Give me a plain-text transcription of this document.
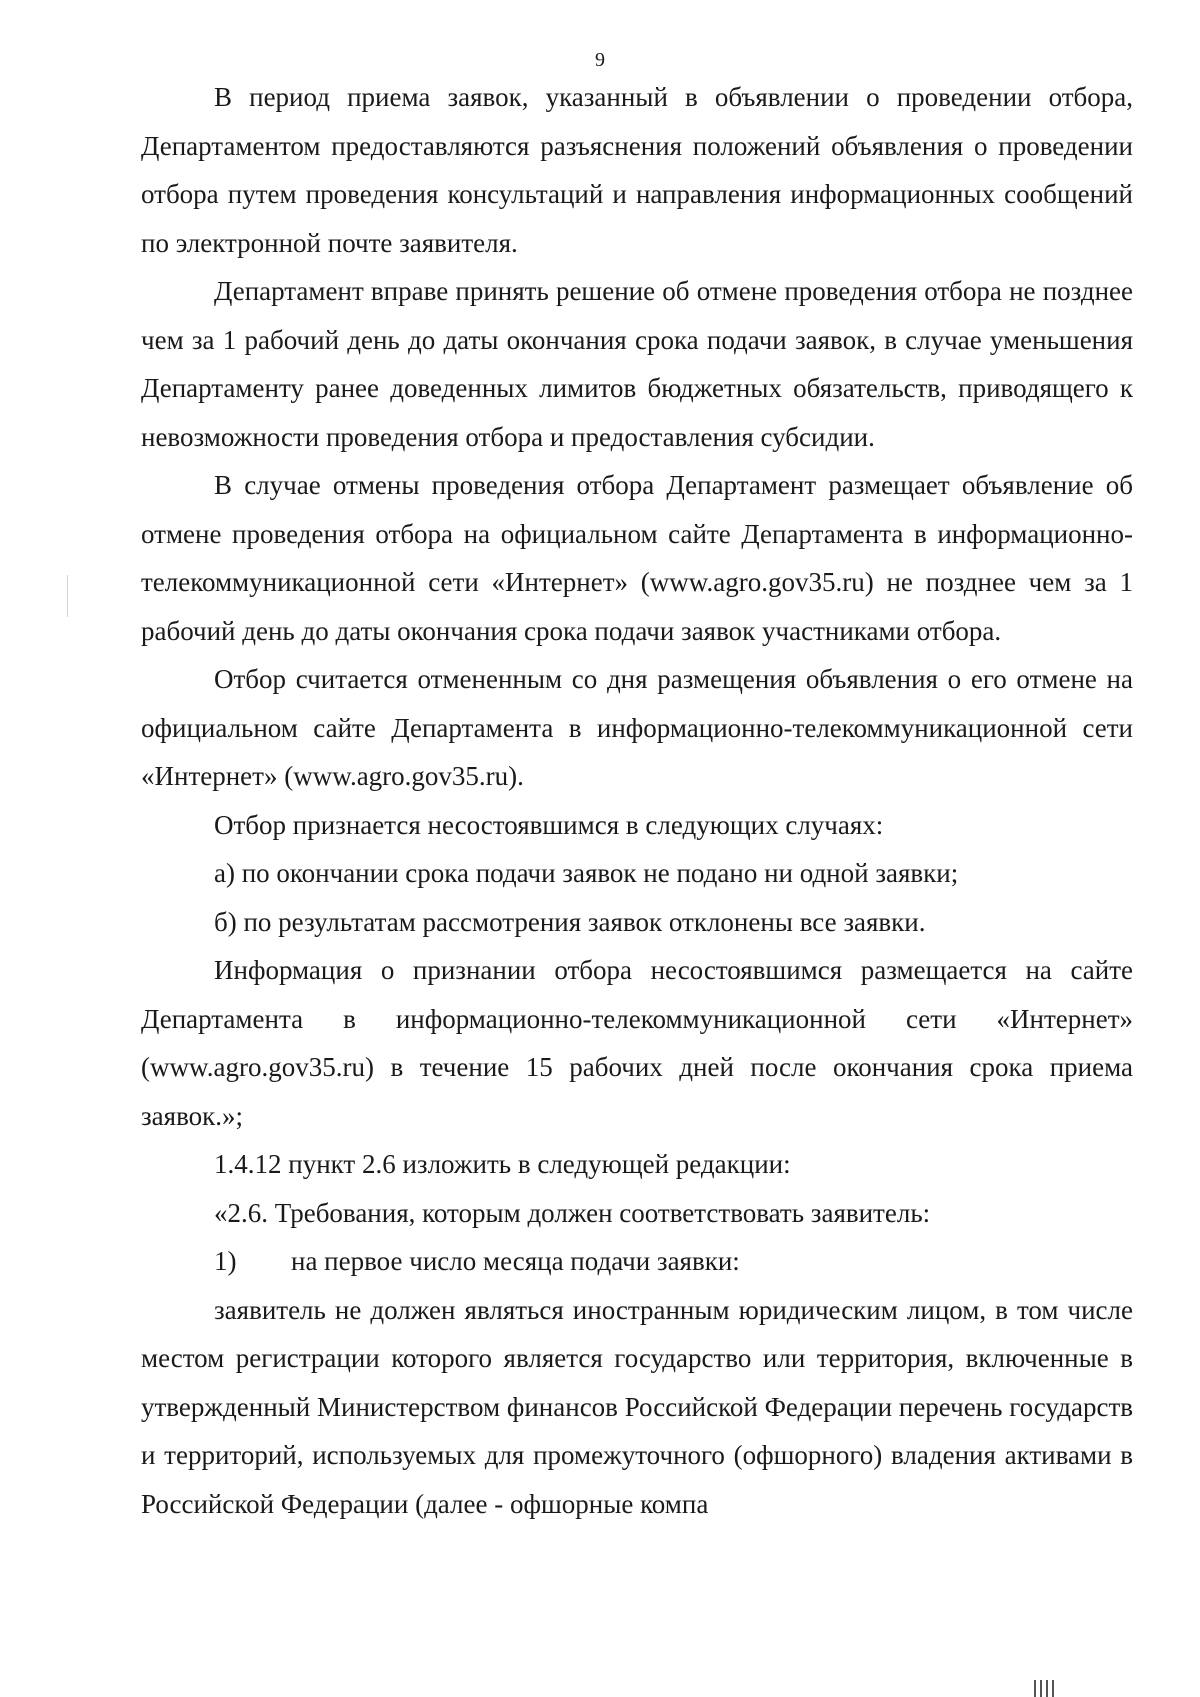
9

В период приема заявок, указанный в объявлении о проведении отбора, Департаментом предоставляются разъяснения положений объявления о проведении отбора путем проведения консультаций и направления информационных сообщений по электронной почте заявителя.

Департамент вправе принять решение об отмене проведения отбора не позднее чем за 1 рабочий день до даты окончания срока подачи заявок, в случае уменьшения Департаменту ранее доведенных лимитов бюджетных обязательств, приводящего к невозможности проведения отбора и предоставления субсидии.

В случае отмены проведения отбора Департамент размещает объявление об отмене проведения отбора на официальном сайте Департамента в информационно-телекоммуникационной сети «Интернет» (www.agro.gov35.ru) не позднее чем за 1 рабочий день до даты окончания срока подачи заявок участниками отбора.

Отбор считается отмененным со дня размещения объявления о его отмене на официальном сайте Департамента в информационно-телекоммуникационной сети «Интернет» (www.agro.gov35.ru).

Отбор признается несостоявшимся в следующих случаях:

а) по окончании срока подачи заявок не подано ни одной заявки;

б) по результатам рассмотрения заявок отклонены все заявки.

Информация о признании отбора несостоявшимся размещается на сайте Департамента в информационно-телекоммуникационной сети «Интернет» (www.agro.gov35.ru) в течение 15 рабочих дней после окончания срока приема заявок.»;

1.4.12 пункт 2.6 изложить в следующей редакции:

«2.6. Требования, которым должен соответствовать заявитель:

1)	на первое число месяца подачи заявки:

заявитель не должен являться иностранным юридическим лицом, в том числе местом регистрации которого является государство или территория, включенные в утвержденный Министерством финансов Российской Федерации перечень государств и территорий, используемых для промежуточного (офшорного) владения активами в Российской Федерации (далее - офшорные компа
